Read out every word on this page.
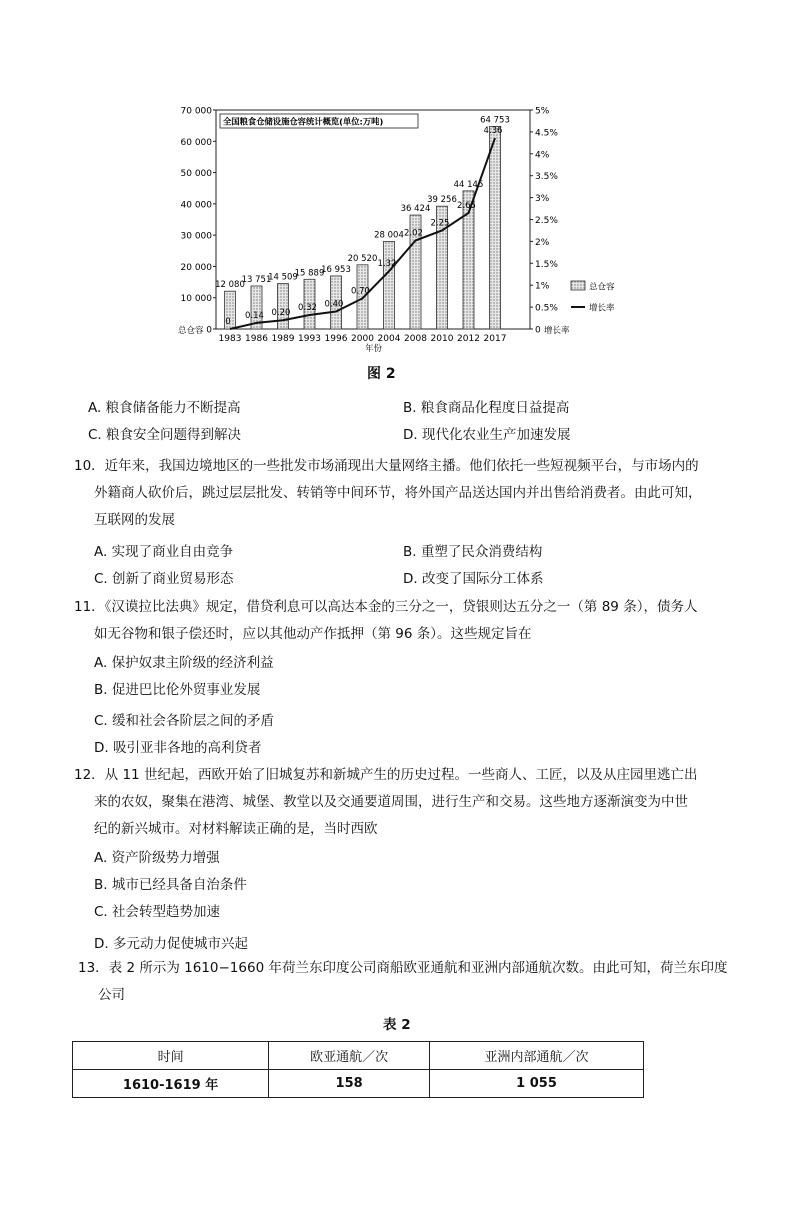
0
10 000
20 000
30 000
40 000
50 000
60 000
70 000
0
0.5%
1%
1.5%
2%
2.5%
3%
3.5%
4%
4.5%
5%
总仓容	增长率
年份
全国粮食仓储设施仓容统计概览(单位:万吨)
12 080
1983
13 751
1986
14 509
1989
15 889
1993
16 953
1996
20 520
2000
28 004
2004
36 424
2008
39 256
2010
44 145
2012
64 753
2017
0
0.14 0.20
0.32 0.40
0.70
1.32
2.02
2.25
2.65
4.36
总仓容
增长率
图 2
A. 粮食储备能力不断提高	B. 粮食商品化程度日益提高
C. 粮食安全问题得到解决	D. 现代化农业生产加速发展
10．近年来，我国边境地区的一些批发市场涌现出大量网络主播。他们依托一些短视频平台，与市场内的
外籍商人砍价后，跳过层层批发、转销等中间环节，将外国产品送达国内并出售给消费者。由此可知，
互联网的发展
A. 实现了商业自由竞争	B. 重塑了民众消费结构
C. 创新了商业贸易形态	D. 改变了国际分工体系
11．《汉谟拉比法典》规定，借贷利息可以高达本金的三分之一，贷银则达五分之一（第 89 条），债务人
如无谷物和银子偿还时，应以其他动产作抵押（第 96 条）。这些规定旨在
A. 保护奴隶主阶级的经济利益
B. 促进巴比伦外贸事业发展
C. 缓和社会各阶层之间的矛盾
D. 吸引亚非各地的高利贷者
12．从 11 世纪起，西欧开始了旧城复苏和新城产生的历史过程。一些商人、工匠，以及从庄园里逃亡出
来的农奴，聚集在港湾、城堡、教堂以及交通要道周围，进行生产和交易。这些地方逐渐演变为中世
纪的新兴城市。对材料解读正确的是，当时西欧
A. 资产阶级势力增强
B. 城市已经具备自治条件
C. 社会转型趋势加速
D. 多元动力促使城市兴起
13．表 2 所示为 1610−1660 年荷兰东印度公司商船欧亚通航和亚洲内部通航次数。由此可知，荷兰东印度
公司
表 2
时间	欧亚通航／次	亚洲内部通航／次
1610-1619 年	158	1 055
